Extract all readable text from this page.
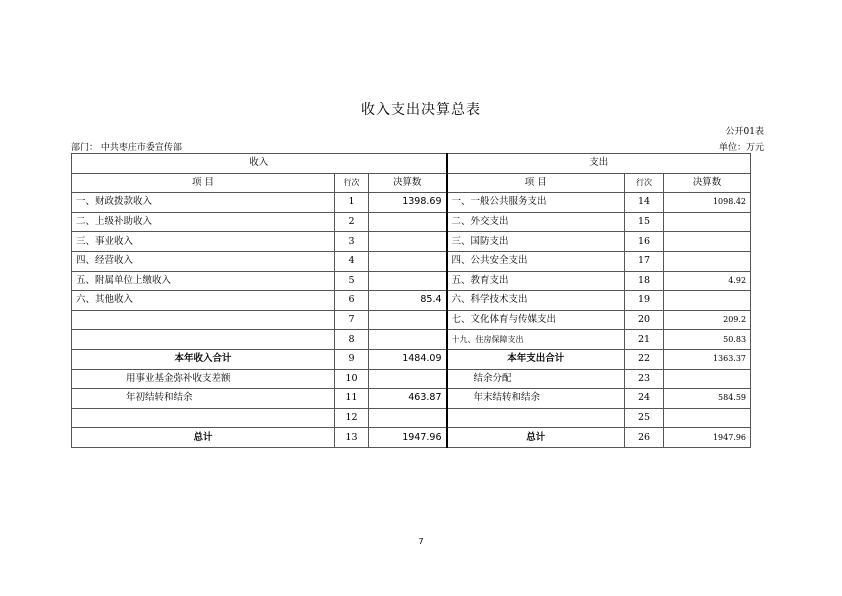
收入支出决算总表
公开01表
部门： 中共枣庄市委宣传部	单位：万元
收入			支出		
项 目	行次	决算数	项 目	行次	决算数
一、财政拨款收入	1	1398.69	一、一般公共服务支出	14	1098.42
二、上级补助收入	2		二、外交支出	15	
三、事业收入	3		三、国防支出	16	
四、经营收入	4		四、公共安全支出	17	
五、附属单位上缴收入	5		五、教育支出	18	4.92
六、其他收入	6	85.4	六、科学技术支出	19	
	7		七、文化体育与传媒支出	20	209.2
	8		十九、住房保障支出	21	50.83
本年收入合计	9	1484.09	本年支出合计	22	1363.37
用事业基金弥补收支差额	10		结余分配	23	
年初结转和结余	11	463.87	年末结转和结余	24	584.59
	12			25	
总计	13	1947.96	总计	26	1947.96
7
